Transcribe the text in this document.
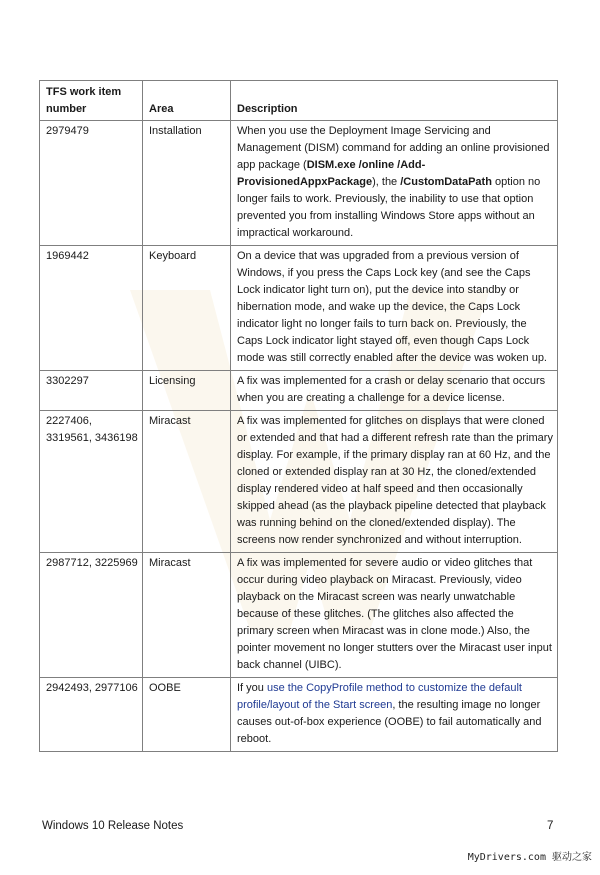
TFS work item number	Area	Description
2979479	Installation	When you use the Deployment Image Servicing and Management (DISM) command for adding an online provisioned app package (DISM.exe /online /Add-ProvisionedAppxPackage), the /CustomDataPath option no longer fails to work. Previously, the inability to use that option prevented you from installing Windows Store apps without an impractical workaround.
1969442	Keyboard	On a device that was upgraded from a previous version of Windows, if you press the Caps Lock key (and see the Caps Lock indicator light turn on), put the device into standby or hibernation mode, and wake up the device, the Caps Lock indicator light no longer fails to turn back on. Previously, the Caps Lock indicator light stayed off, even though Caps Lock mode was still correctly enabled after the device was woken up.
3302297	Licensing	A fix was implemented for a crash or delay scenario that occurs when you are creating a challenge for a device license.
2227406, 3319561, 3436198	Miracast	A fix was implemented for glitches on displays that were cloned or extended and that had a different refresh rate than the primary display. For example, if the primary display ran at 60 Hz, and the cloned or extended display ran at 30 Hz, the cloned/extended display rendered video at half speed and then occasionally skipped ahead (as the playback pipeline detected that playback was running behind on the cloned/extended display). The screens now render synchronized and without interruption.
2987712, 3225969	Miracast	A fix was implemented for severe audio or video glitches that occur during video playback on Miracast. Previously, video playback on the Miracast screen was nearly unwatchable because of these glitches. (The glitches also affected the primary screen when Miracast was in clone mode.) Also, the pointer movement no longer stutters over the Miracast user input back channel (UIBC).
2942493, 2977106	OOBE	If you use the CopyProfile method to customize the default profile/layout of the Start screen, the resulting image no longer causes out-of-box experience (OOBE) to fail automatically and reboot.
Windows 10 Release Notes	7
MyDrivers.com 驱动之家
